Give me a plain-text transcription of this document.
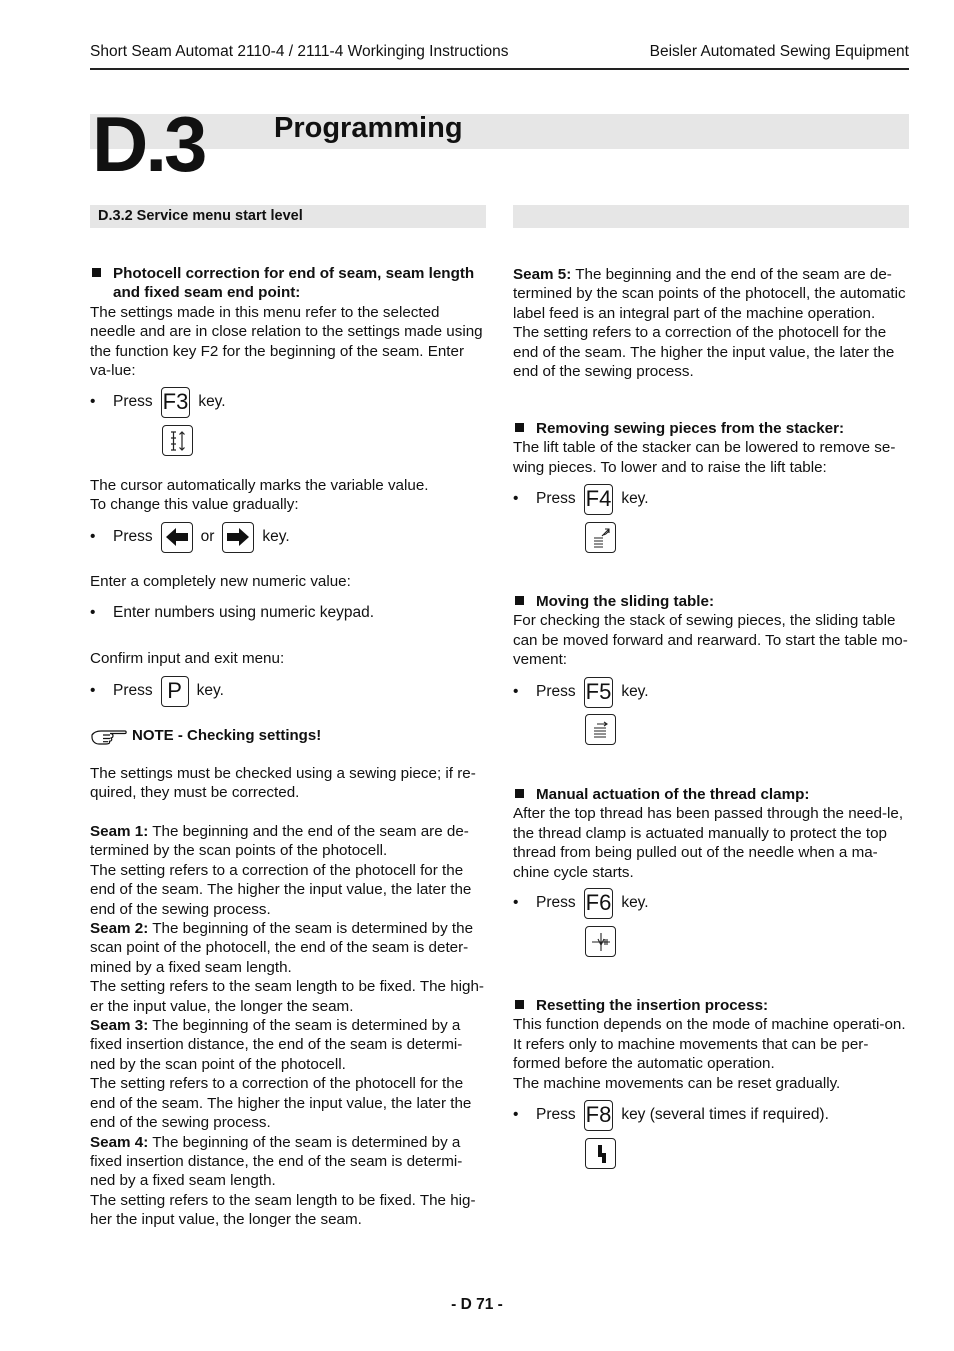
Short Seam Automat 2110-4 / 2111-4 Workinging Instructions	Beisler Automated Sewing Equipment
D.3 Programming
D.3.2 Service menu start level

Photocell correction for end of seam, seam length and fixed seam end point:

The settings made in this menu refer to the selected needle and are in close relation to the settings made using the function key F2 for the beginning of the seam. Enter va-lue:

•	Press F3 key.

The cursor automatically marks the variable value.

To change this value gradually:

•	Press	or	key.
Enter a completely new numeric value:
•	Enter numbers using numeric keypad.
Confirm input and exit menu:
•	Press P key.
NOTE - Checking settings!
The settings must be checked using a sewing piece; if re-quired, they must be corrected.

Seam 1: The beginning and the end of the seam are de-termined by the scan points of the photocell.

The setting refers to a correction of the photocell for the end of the seam. The higher the input value, the later the end of the sewing process.

Seam 2: The beginning of the seam is determined by the scan point of the photocell, the end of the seam is deter-mined by a fixed seam length.

The setting refers to the seam length to be fixed. The high-er the input value, the longer the seam.

Seam 3: The beginning of the seam is determined by a fixed insertion distance, the end of the seam is determi-ned by the scan point of the photocell.

The setting refers to a correction of the photocell for the end of the seam. The higher the input value, the later the end of the sewing process.

Seam 4: The beginning of the seam is determined by a fixed insertion distance, the end of the seam is determi-ned by a fixed seam length.

The setting refers to the seam length to be fixed. The hig-her the input value, the longer the seam.

Seam 5: The beginning and the end of the seam are de-termined by the scan points of the photocell, the automatic label feed is an integral part of the machine operation.

The setting refers to a correction of the photocell for the end of the seam. The higher the input value, the later the end of the sewing process.

Removing sewing pieces from the stacker:

The lift table of the stacker can be lowered to remove se-wing pieces. To lower and to raise the lift table:

•	Press F4 key.

Moving the sliding table:

For checking the stack of sewing pieces, the sliding table can be moved forward and rearward. To start the table mo-vement:

•	Press F5 key.

Manual actuation of the thread clamp:

After the top thread has been passed through the need-le, the thread clamp is actuated manually to protect the top thread from being pulled out of the needle when a ma-chine cycle starts.

•	Press F6 key.

Resetting the insertion process:

This function depends on the mode of machine operati-on. It refers only to machine movements that can be per-formed before the automatic operation.

The machine movements can be reset gradually.

•	Press F8 key (several times if required).
- D 71 -
